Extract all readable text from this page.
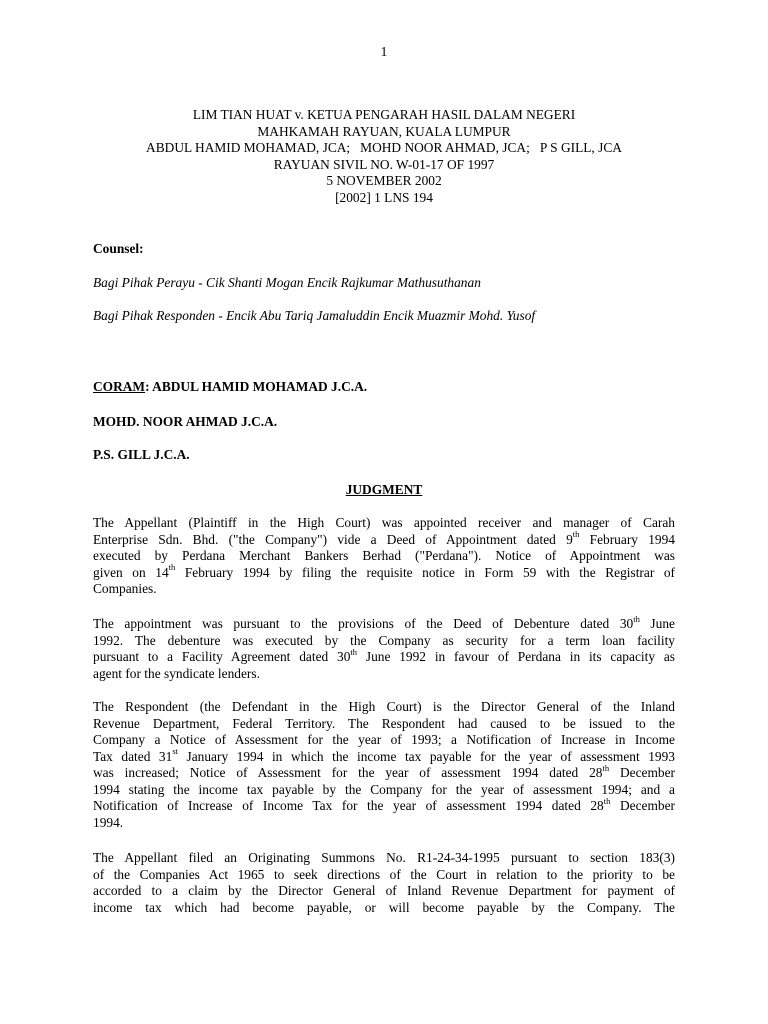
1
LIM TIAN HUAT v. KETUA PENGARAH HASIL DALAM NEGERI
MAHKAMAH RAYUAN, KUALA LUMPUR
ABDUL HAMID MOHAMAD, JCA;   MOHD NOOR AHMAD, JCA;   P S GILL, JCA
RAYUAN SIVIL NO. W-01-17 OF 1997
5 NOVEMBER 2002
[2002] 1 LNS 194
Counsel:
Bagi Pihak Perayu - Cik Shanti Mogan Encik Rajkumar Mathusuthanan
Bagi Pihak Responden - Encik Abu Tariq Jamaluddin Encik Muazmir Mohd. Yusof
CORAM: ABDUL HAMID MOHAMAD J.C.A.
MOHD. NOOR AHMAD J.C.A.
P.S. GILL J.C.A.
JUDGMENT
The Appellant (Plaintiff in the High Court) was appointed receiver and manager of Carah
Enterprise Sdn. Bhd. ("the Company") vide a Deed of Appointment dated 9th February 1994
executed by Perdana Merchant Bankers Berhad ("Perdana"). Notice of Appointment was
given on 14th February 1994 by filing the requisite notice in Form 59 with the Registrar of
Companies.
The appointment was pursuant to the provisions of the Deed of Debenture dated 30th June
1992. The debenture was executed by the Company as security for a term loan facility
pursuant to a Facility Agreement dated 30th June 1992 in favour of Perdana in its capacity as
agent for the syndicate lenders.
The Respondent (the Defendant in the High Court) is the Director General of the Inland
Revenue Department, Federal Territory. The Respondent had caused to be issued to the
Company a Notice of Assessment for the year of 1993; a Notification of Increase in Income
Tax dated 31st January 1994 in which the income tax payable for the year of assessment 1993
was increased; Notice of Assessment for the year of assessment 1994 dated 28th December
1994 stating the income tax payable by the Company for the year of assessment 1994; and a
Notification of Increase of Income Tax for the year of assessment 1994 dated 28th December
1994.
The Appellant filed an Originating Summons No. R1-24-34-1995 pursuant to section 183(3)
of the Companies Act 1965 to seek directions of the Court in relation to the priority to be
accorded to a claim by the Director General of Inland Revenue Department for payment of
income tax which had become payable, or will become payable by the Company. The
